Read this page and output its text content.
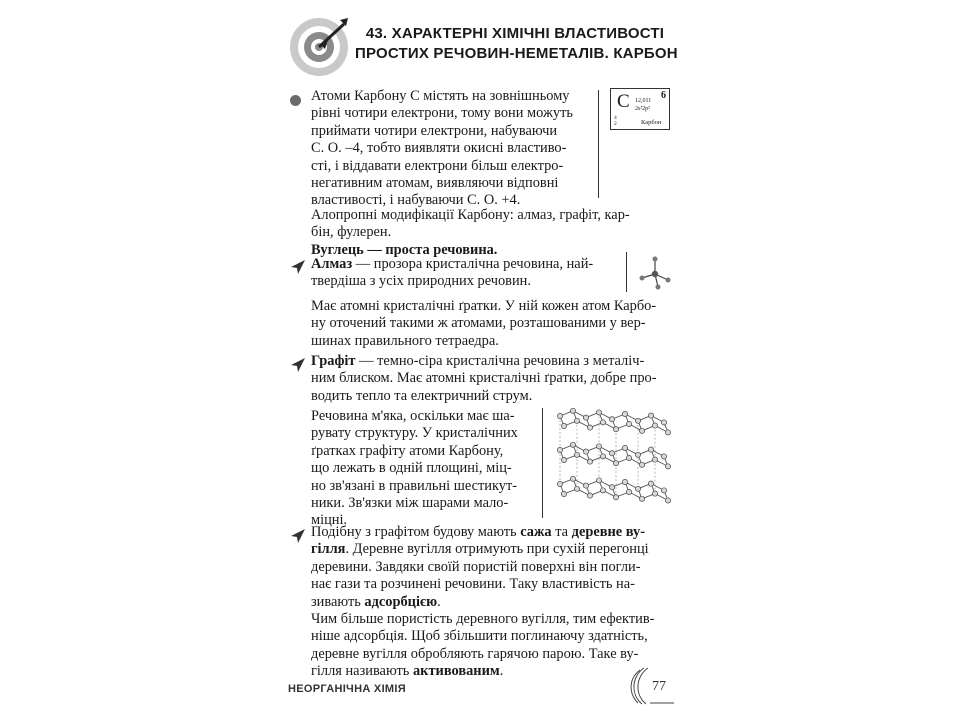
43. ХАРАКТЕРНІ ХІМІЧНІ ВЛАСТИВОСТІ
ПРОСТИХ РЕЧОВИН-НЕМЕТАЛІВ. КАРБОН
Атоми Карбону С містять на зовнішньому
рівні чотири електрони, тому вони можуть
приймати чотири електрони, набуваючи
С. О. –4, тобто виявляти окисні властиво-
сті, і віддавати електрони більш електро-
негативним атомам, виявляючи відповні
властивості, і набуваючи С. О. +4.
C	6
12,011
2s²2p²
4
2	Карбон
Алопропні модифікації Карбону: алмаз, графіт, кар-
бін, фулерен.
Вуглець — проста речовина.
Алмаз — прозора кристалічна речовина, най-
твердіша з усіх природних речовин.
Має атомні кристалічні ґратки. У ній кожен атом Карбо-
ну оточений такими ж атомами, розташованими у вер-
шинах правильного тетраедра.
Графіт — темно-сіра кристалічна речовина з металіч-
ним блиском. Має атомні кристалічні ґратки, добре про-
водить тепло та електричний струм.
Речовина м'яка, оскільки має ша-
рувату структуру. У кристалічних
ґратках графіту атоми Карбону,
що лежать в одній площині, міц-
но зв'язані в правильні шестикут-
ники. Зв'язки між шарами мало-
міцні.
Подібну з графітом будову мають сажа та деревне ву-
гілля. Деревне вугілля отримують при сухій перегонці
деревини. Завдяки своїй пористій поверхні він погли-
нає гази та розчинені речовини. Таку властивість на-
зивають адсорбцією.
Чим більше пористість деревного вугілля, тим ефектив-
ніше адсорбція. Щоб збільшити поглинаючу здатність,
деревне вугілля обробляють гарячою парою. Таке ву-
гілля називають активованим.
НЕОРГАНІЧНА ХІМІЯ	77
